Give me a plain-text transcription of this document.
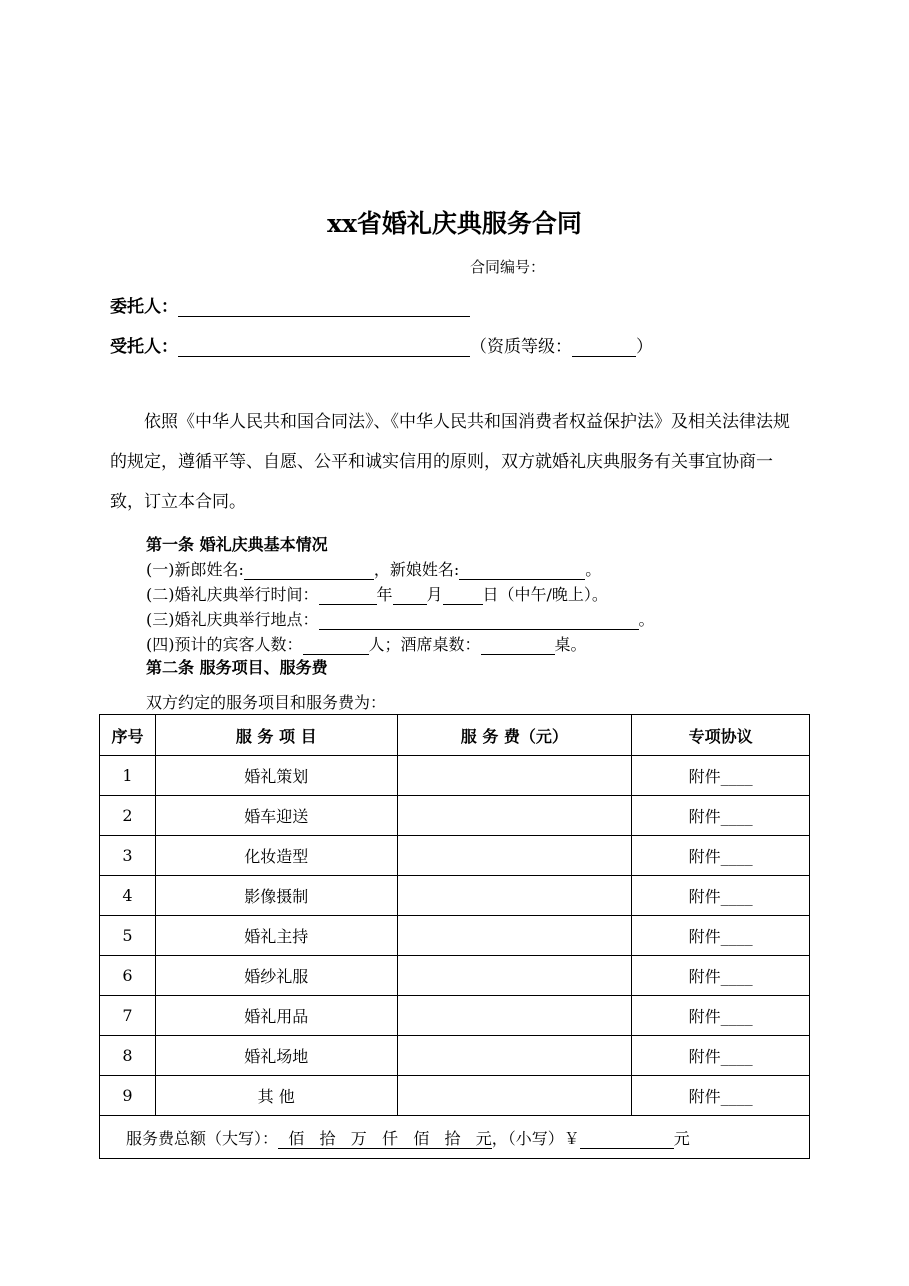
xx省婚礼庆典服务合同
合同编号：
委托人：
受托人：	（资质等级：	）
依照《中华人民共和国合同法》、《中华人民共和国消费者权益保护法》及相关法律法规的规定，遵循平等、自愿、公平和诚实信用的原则，双方就婚礼庆典服务有关事宜协商一致，订立本合同。
第一条 婚礼庆典基本情况
(一)新郎姓名:	，新娘姓名:	。
(二)婚礼庆典举行时间：	年 月	日（中午/晚上）。
(三)婚礼庆典举行地点：	。
(四)预计的宾客人数：	人；酒席桌数：	桌。
第二条 服务项目、服务费
双方约定的服务项目和服务费为：
序号	服 务 项 目	服 务 费（元）	专项协议
1	婚礼策划		附件____
2	婚车迎送		附件____
3	化妆造型		附件____
4	影像摄制		附件____
5	婚礼主持		附件____
6	婚纱礼服		附件____
7	婚礼用品		附件____
8	婚礼场地		附件____
9	其 他		附件____
服务费总额（大写）：  佰   拾   万   仟   佰   拾   元，（小写）￥ 元			
